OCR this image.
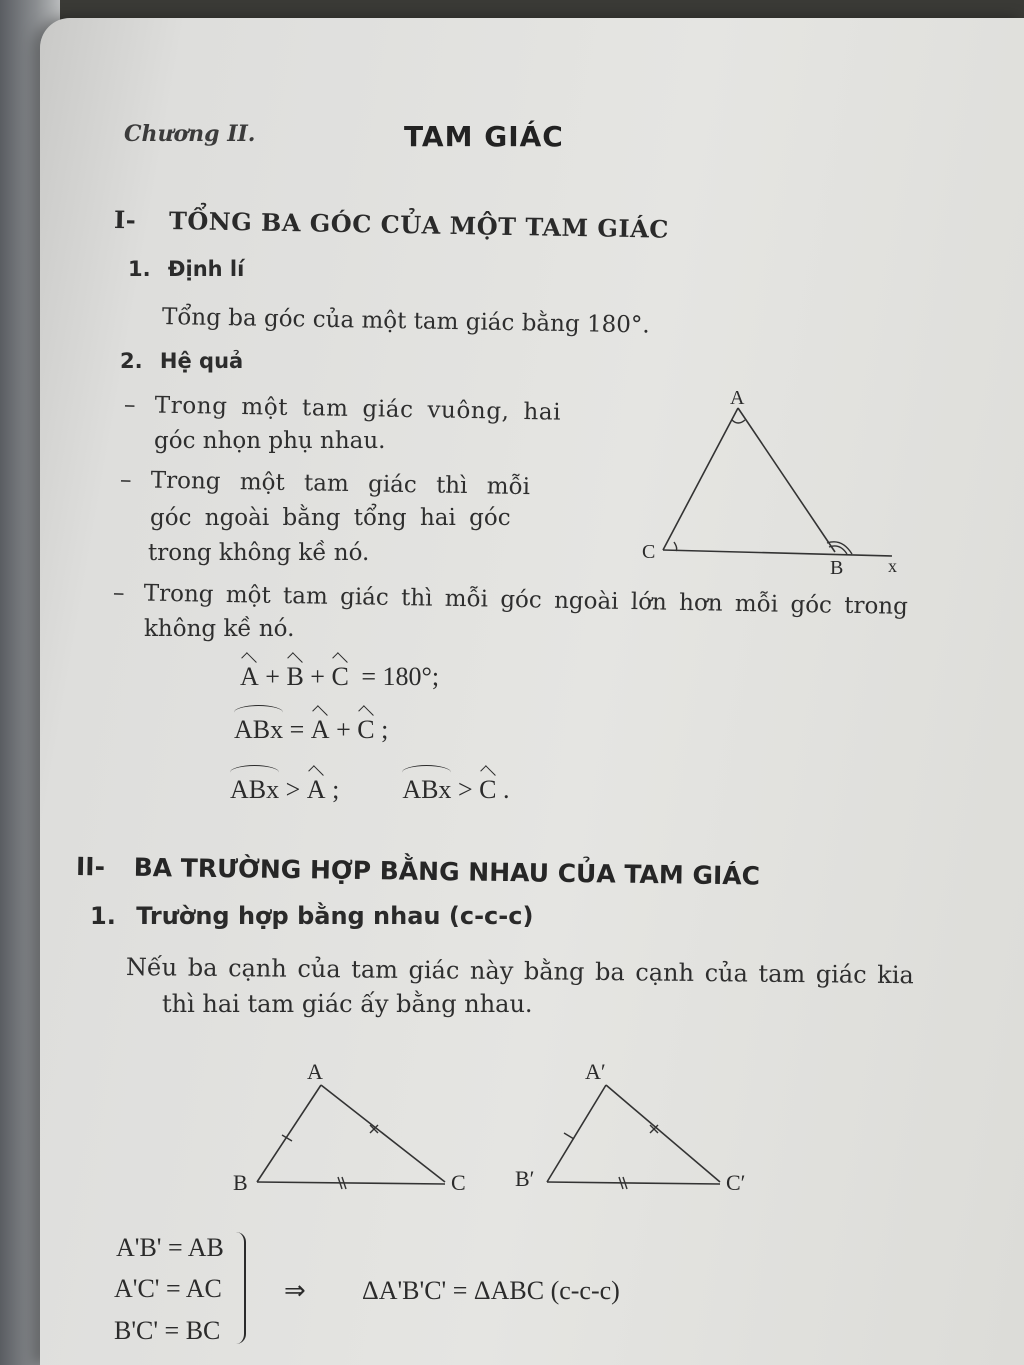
Chương II.	TAM GIÁC
I- TỔNG BA GÓC CỦA MỘT TAM GIÁC
1. Định lí
Tổng ba góc của một tam giác bằng 180°.
2. Hệ quả
– Trong một tam giác vuông, hai
góc nhọn phụ nhau.
– Trong một tam giác thì mỗi
góc ngoài bằng tổng hai góc
trong không kề nó.
– Trong một tam giác thì mỗi góc ngoài lớn hơn mỗi góc trong
không kề nó.
A
C
B x
A + B + C = 180°;
ABx = A + C ;
ABx > A ; ABx > C .
II- BA TRƯỜNG HỢP BẰNG NHAU CỦA TAM GIÁC
1. Trường hợp bằng nhau (c-c-c)
Nếu ba cạnh của tam giác này bằng ba cạnh của tam giác kia
thì hai tam giác ấy bằng nhau.
A
B	C
A′
B′	C′
A'B' = AB
A'C' = AC
B'C' = BC
⇒ ΔA'B'C' = ΔABC (c-c-c)
